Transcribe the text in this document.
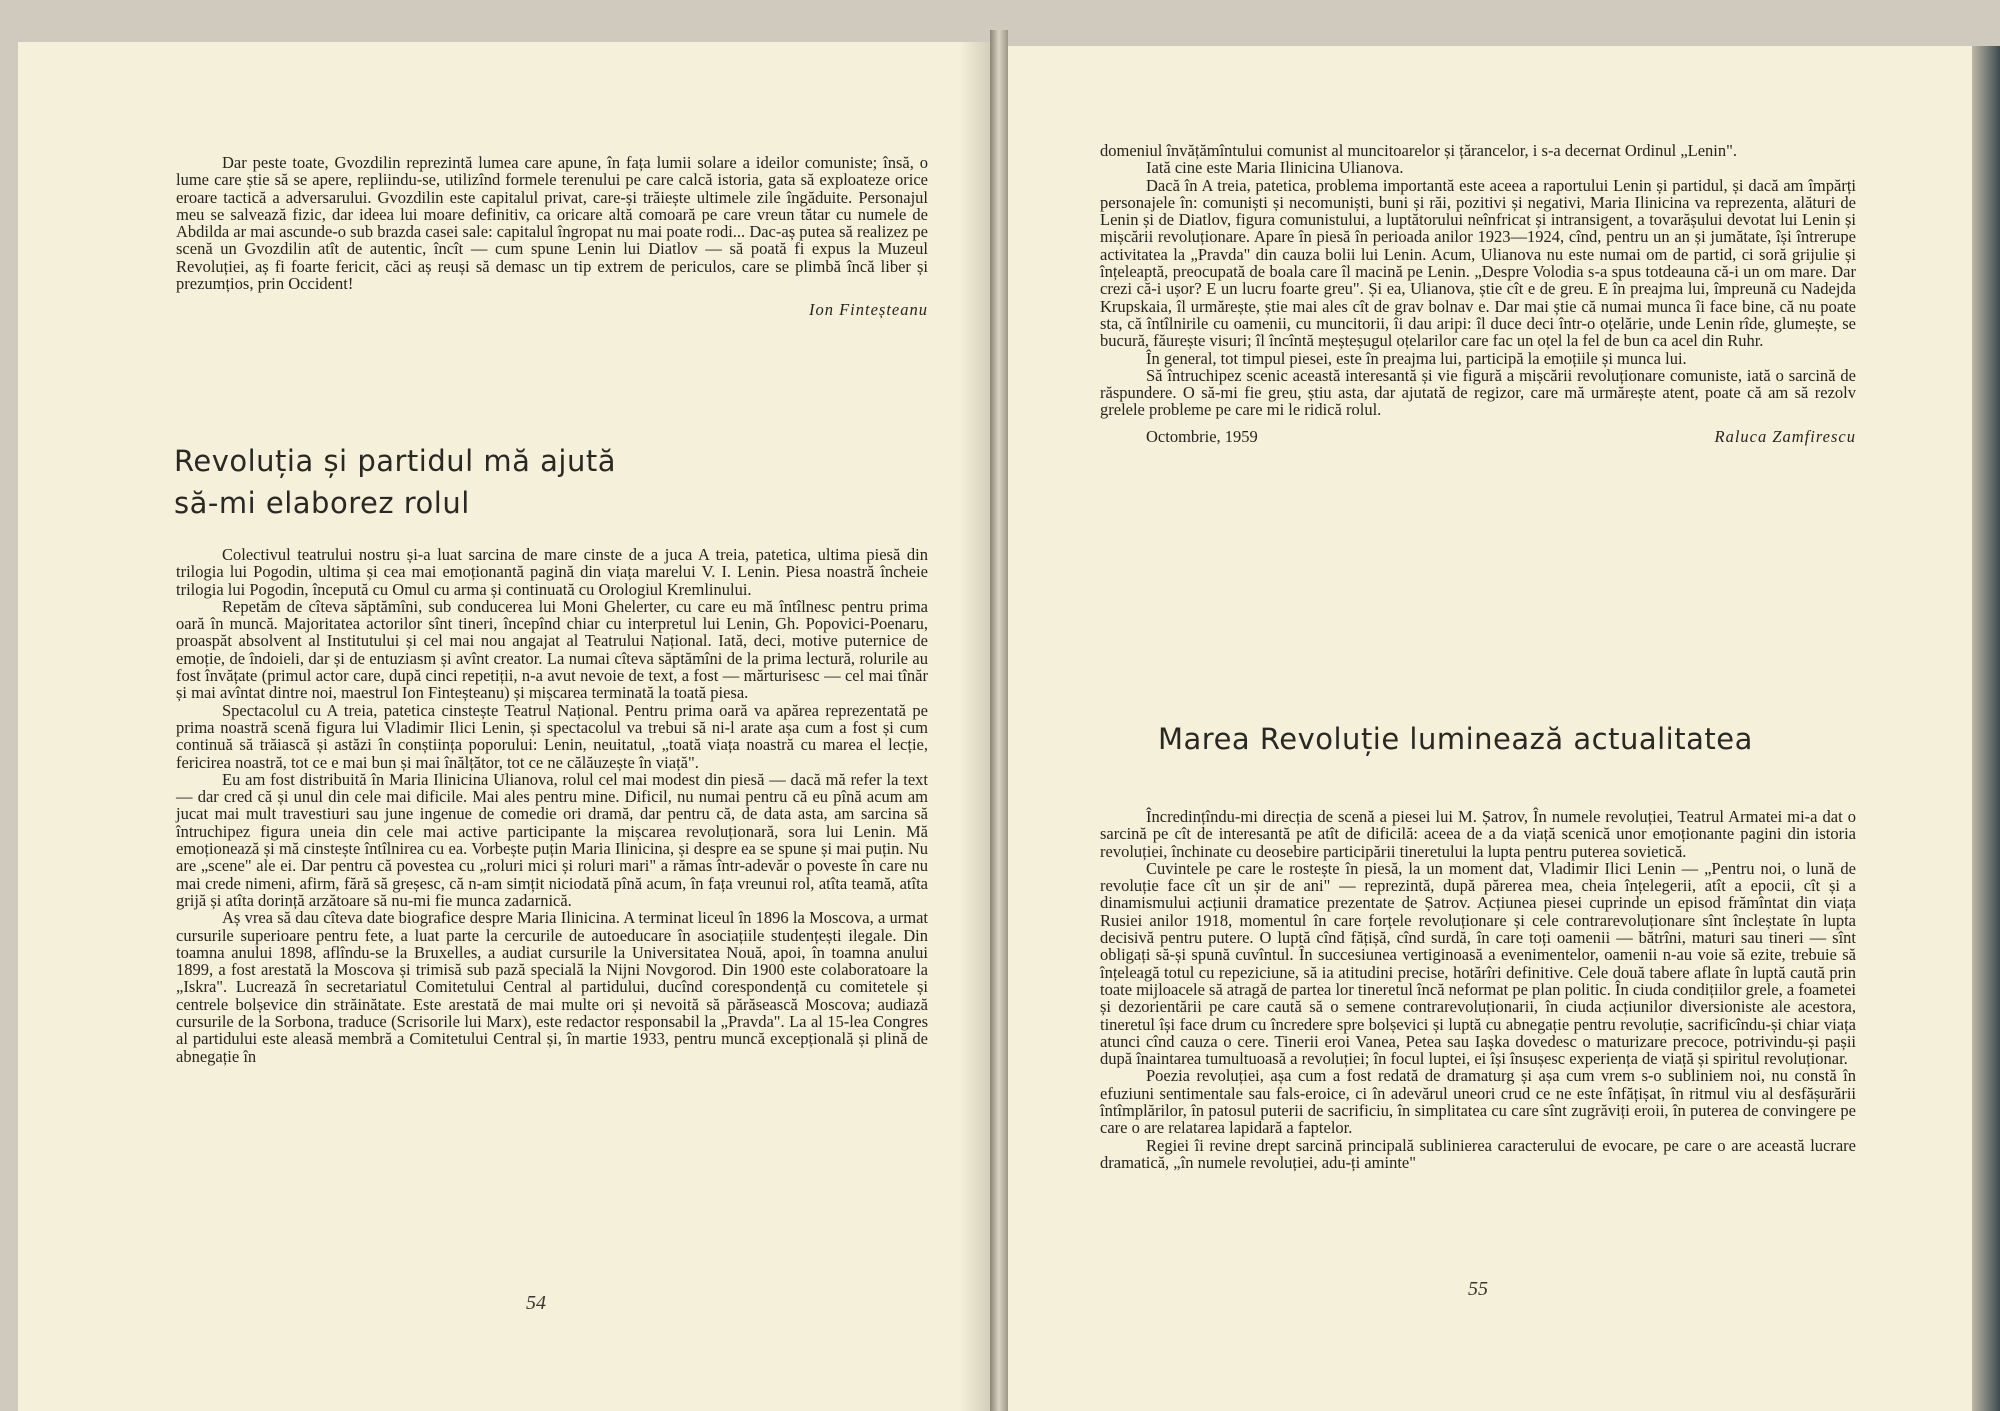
Dar peste toate, Gvozdilin reprezintă lumea care apune, în fața lumii solare a ideilor comuniste; însă, o lume care știe să se apere, repliindu-se, utilizînd formele terenului pe care calcă istoria, gata să exploateze orice eroare tactică a adversarului. Gvozdilin este capitalul privat, care-și trăiește ultimele zile îngăduite. Personajul meu se salvează fizic, dar ideea lui moare definitiv, ca oricare altă comoară pe care vreun tătar cu numele de Abdilda ar mai ascunde-o sub brazda casei sale: capitalul îngropat nu mai poate rodi... Dac-aș putea să realizez pe scenă un Gvozdilin atît de autentic, încît — cum spune Lenin lui Diatlov — să poată fi expus la Muzeul Revoluției, aș fi foarte fericit, căci aș reuși să demasc un tip extrem de periculos, care se plimbă încă liber și prezumțios, prin Occident!

Ion Finteșteanu
Revoluția și partidul mă ajută
să-mi elaborez rolul

Colectivul teatrului nostru și-a luat sarcina de mare cinste de a juca A treia, patetica, ultima piesă din trilogia lui Pogodin, ultima și cea mai emoționantă pagină din viața marelui V. I. Lenin. Piesa noastră încheie trilogia lui Pogodin, începută cu Omul cu arma și continuată cu Orologiul Kremlinului.

Repetăm de cîteva săptămîni, sub conducerea lui Moni Ghelerter, cu care eu mă întîlnesc pentru prima oară în muncă. Majoritatea actorilor sînt tineri, începînd chiar cu interpretul lui Lenin, Gh. Popovici-Poenaru, proaspăt absolvent al Institutului și cel mai nou angajat al Teatrului Național. Iată, deci, motive puternice de emoție, de îndoieli, dar și de entuziasm și avînt creator. La numai cîteva săptămîni de la prima lectură, rolurile au fost învățate (primul actor care, după cinci repetiții, n-a avut nevoie de text, a fost — mărturisesc — cel mai tînăr și mai avîntat dintre noi, maestrul Ion Finteșteanu) și mișcarea terminată la toată piesa.

Spectacolul cu A treia, patetica cinstește Teatrul Național. Pentru prima oară va apărea reprezentată pe prima noastră scenă figura lui Vladimir Ilici Lenin, și spectacolul va trebui să ni-l arate așa cum a fost și cum continuă să trăiască și astăzi în conștiința poporului: Lenin, neuitatul, „toată viața noastră cu marea el lecție, fericirea noastră, tot ce e mai bun și mai înălțător, tot ce ne călăuzește în viață".

Eu am fost distribuită în Maria Ilinicina Ulianova, rolul cel mai modest din piesă — dacă mă refer la text — dar cred că și unul din cele mai dificile. Mai ales pentru mine. Dificil, nu numai pentru că eu pînă acum am jucat mai mult travestiuri sau june ingenue de comedie ori dramă, dar pentru că, de data asta, am sarcina să întruchipez figura uneia din cele mai active participante la mișcarea revoluționară, sora lui Lenin. Mă emoționează și mă cinstește întîlnirea cu ea. Vorbește puțin Maria Ilinicina, și despre ea se spune și mai puțin. Nu are „scene" ale ei. Dar pentru că povestea cu „roluri mici și roluri mari" a rămas într-adevăr o poveste în care nu mai crede nimeni, afirm, fără să greșesc, că n-am simțit niciodată pînă acum, în fața vreunui rol, atîta teamă, atîta grijă și atîta dorință arzătoare să nu-mi fie munca zadarnică.

Aș vrea să dau cîteva date biografice despre Maria Ilinicina. A terminat liceul în 1896 la Moscova, a urmat cursurile superioare pentru fete, a luat parte la cercurile de autoeducare în asociațiile studențești ilegale. Din toamna anului 1898, aflîndu-se la Bruxelles, a audiat cursurile la Universitatea Nouă, apoi, în toamna anului 1899, a fost arestată la Moscova și trimisă sub pază specială la Nijni Novgorod. Din 1900 este colaboratoare la „Iskra". Lucrează în secretariatul Comitetului Central al partidului, ducînd corespondență cu comitetele și centrele bolșevice din străinătate. Este arestată de mai multe ori și nevoită să părăsească Moscova; audiază cursurile de la Sorbona, traduce (Scrisorile lui Marx), este redactor responsabil la „Pravda". La al 15-lea Congres al partidului este aleasă membră a Comitetului Central și, în martie 1933, pentru muncă excepțională și plină de abnegație în

54

domeniul învățămîntului comunist al muncitoarelor și țărancelor, i s-a decernat Ordinul „Lenin".

Iată cine este Maria Ilinicina Ulianova.

Dacă în A treia, patetica, problema importantă este aceea a raportului Lenin și partidul, și dacă am împărți personajele în: comuniști și necomuniști, buni și răi, pozitivi și negativi, Maria Ilinicina va reprezenta, alături de Lenin și de Diatlov, figura comunistului, a luptătorului neînfricat și intransigent, a tovarășului devotat lui Lenin și mișcării revoluționare. Apare în piesă în perioada anilor 1923—1924, cînd, pentru un an și jumătate, își întrerupe activitatea la „Pravda" din cauza bolii lui Lenin. Acum, Ulianova nu este numai om de partid, ci soră grijulie și înțeleaptă, preocupată de boala care îl macină pe Lenin. „Despre Volodia s-a spus totdeauna că-i un om mare. Dar crezi că-i ușor? E un lucru foarte greu". Și ea, Ulianova, știe cît e de greu. E în preajma lui, împreună cu Nadejda Krupskaia, îl urmărește, știe mai ales cît de grav bolnav e. Dar mai știe că numai munca îi face bine, că nu poate sta, că întîlnirile cu oamenii, cu muncitorii, îi dau aripi: îl duce deci într-o oțelărie, unde Lenin rîde, glumește, se bucură, făurește visuri; îl încîntă meșteșugul oțelarilor care fac un oțel la fel de bun ca acel din Ruhr.

În general, tot timpul piesei, este în preajma lui, participă la emoțiile și munca lui.

Să întruchipez scenic această interesantă și vie figură a mișcării revoluționare comuniste, iată o sarcină de răspundere. O să-mi fie greu, știu asta, dar ajutată de regizor, care mă urmărește atent, poate că am să rezolv grelele probleme pe care mi le ridică rolul.

Octombrie, 1959	Raluca Zamfirescu
Marea Revoluție luminează actualitatea

Încredințîndu-mi direcția de scenă a piesei lui M. Șatrov, În numele revoluției, Teatrul Armatei mi-a dat o sarcină pe cît de interesantă pe atît de dificilă: aceea de a da viață scenică unor emoționante pagini din istoria revoluției, închinate cu deosebire participării tineretului la lupta pentru puterea sovietică.

Cuvintele pe care le rostește în piesă, la un moment dat, Vladimir Ilici Lenin — „Pentru noi, o lună de revoluție face cît un șir de ani" — reprezintă, după părerea mea, cheia înțelegerii, atît a epocii, cît și a dinamismului acțiunii dramatice prezentate de Șatrov. Acțiunea piesei cuprinde un episod frămîntat din viața Rusiei anilor 1918, momentul în care forțele revoluționare și cele contrarevoluționare sînt încleștate în lupta decisivă pentru putere. O luptă cînd fățișă, cînd surdă, în care toți oamenii — bătrîni, maturi sau tineri — sînt obligați să-și spună cuvîntul. În succesiunea vertiginoasă a evenimentelor, oamenii n-au voie să ezite, trebuie să înțeleagă totul cu repeziciune, să ia atitudini precise, hotărîri definitive. Cele două tabere aflate în luptă caută prin toate mijloacele să atragă de partea lor tineretul încă neformat pe plan politic. În ciuda condițiilor grele, a foametei și dezorientării pe care caută să o semene contrarevoluționarii, în ciuda acțiunilor diversioniste ale acestora, tineretul își face drum cu încredere spre bolșevici și luptă cu abnegație pentru revoluție, sacrificîndu-și chiar viața atunci cînd cauza o cere. Tinerii eroi Vanea, Petea sau Iașka dovedesc o maturizare precoce, potrivindu-și pașii după înaintarea tumultuoasă a revoluției; în focul luptei, ei își însușesc experiența de viață și spiritul revoluționar.

Poezia revoluției, așa cum a fost redată de dramaturg și așa cum vrem s-o subliniem noi, nu constă în efuziuni sentimentale sau fals-eroice, ci în adevărul uneori crud ce ne este înfățișat, în ritmul viu al desfășurării întîmplărilor, în patosul puterii de sacrificiu, în simplitatea cu care sînt zugrăviți eroii, în puterea de convingere pe care o are relatarea lapidară a faptelor.

Regiei îi revine drept sarcină principală sublinierea caracterului de evocare, pe care o are această lucrare dramatică, „în numele revoluției, adu-ți aminte"

55
